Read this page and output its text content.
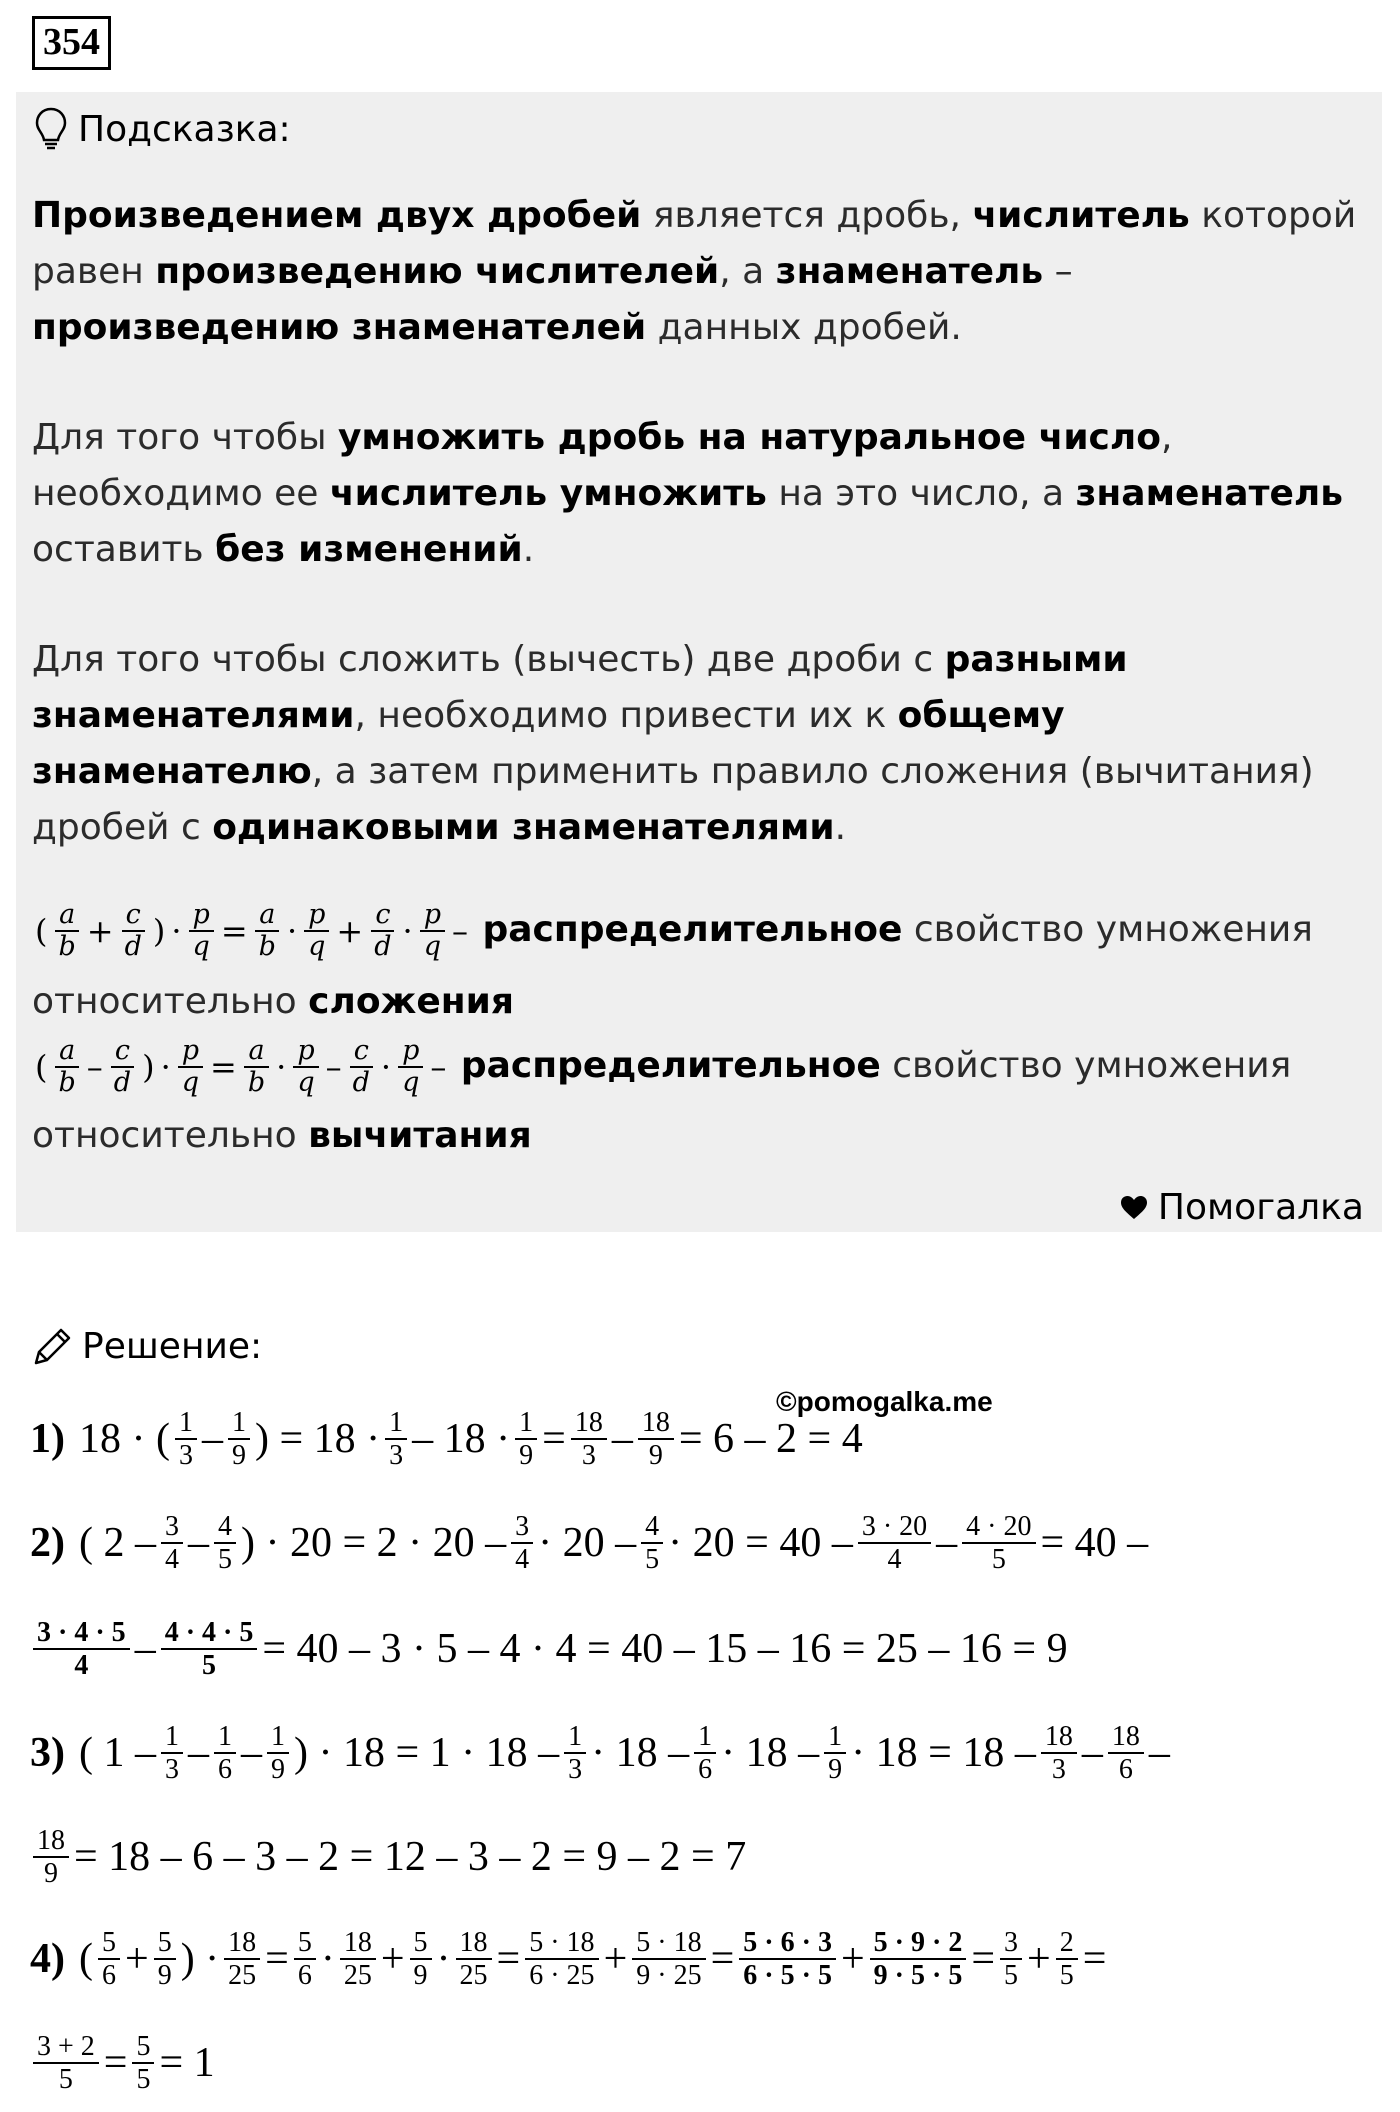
354
Подсказка:
Произведением двух дробей является дробь, числитель которой равен произведению числителей, а знаменатель – произведению знаменателей данных дробей.
Для того чтобы умножить дробь на натуральное число, необходимо ее числитель умножить на это число, а знаменатель оставить без изменений.
Для того чтобы сложить (вычесть) две дроби с разными знаменателями, необходимо привести их к общему знаменателю, а затем применить правило сложения (вычитания) дробей с одинаковыми знаменателями.
( $\frac{a}{b} + \frac{c}{d}$ ) · $\frac{p}{q} = \frac{a}{b} \cdot \frac{p}{q} + \frac{c}{d} \cdot \frac{p}{q}$ – распределительное свойство умножения
относительно сложения
( $\frac{a}{b} - \frac{c}{d}$ ) · $\frac{p}{q} = \frac{a}{b} \cdot \frac{p}{q} - \frac{c}{d} \cdot \frac{p}{q}$ – распределительное свойство умножения
относительно вычитания
Помогалка
Решение:
©pomogalka.me
1) 18 · ( $\frac{1}{3} - \frac{1}{9}$ ) = $18 \cdot \frac{1}{3} - 18 \cdot \frac{1}{9} = \frac{18}{3} - \frac{18}{9} = 6 - 2 = 4$
2) ( $2 - \frac{3}{4} - \frac{4}{5}$ ) · $20 = 2 \cdot 20 - \frac{3}{4} \cdot 20 - \frac{4}{5} \cdot 20 = 40 - \frac{3 \cdot 20}{4} - \frac{4 \cdot 20}{5} = 40$ –
$\frac{3 \cdot 4 \cdot 5}{4} - \frac{4 \cdot 4 \cdot 5}{5} = 40 - 3 \cdot 5 - 4 \cdot 4 = 40 - 15 - 16 = 25 - 16 = 9$
3) ( $1 - \frac{1}{3} - \frac{1}{6} - \frac{1}{9}$ ) · $18 = 1 \cdot 18 - \frac{1}{3} \cdot 18 - \frac{1}{6} \cdot 18 - \frac{1}{9} \cdot 18 = 18 - \frac{18}{3} - \frac{18}{6}$ –
$\frac{18}{9} = 18 - 6 - 3 - 2 = 12 - 3 - 2 = 9 - 2 = 7$
4) ( $\frac{5}{6} + \frac{5}{9}$ ) · $\frac{18}{25} = \frac{5}{6} \cdot \frac{18}{25} + \frac{5}{9} \cdot \frac{18}{25} = \frac{5 \cdot 18}{6 \cdot 25} + \frac{5 \cdot 18}{9 \cdot 25} = \frac{5 \cdot 6 \cdot 3}{6 \cdot 5 \cdot 5} + \frac{5 \cdot 9 \cdot 2}{9 \cdot 5 \cdot 5} = \frac{3}{5} + \frac{2}{5}$ =
$\frac{3 + 2}{5} = \frac{5}{5} = 1$
